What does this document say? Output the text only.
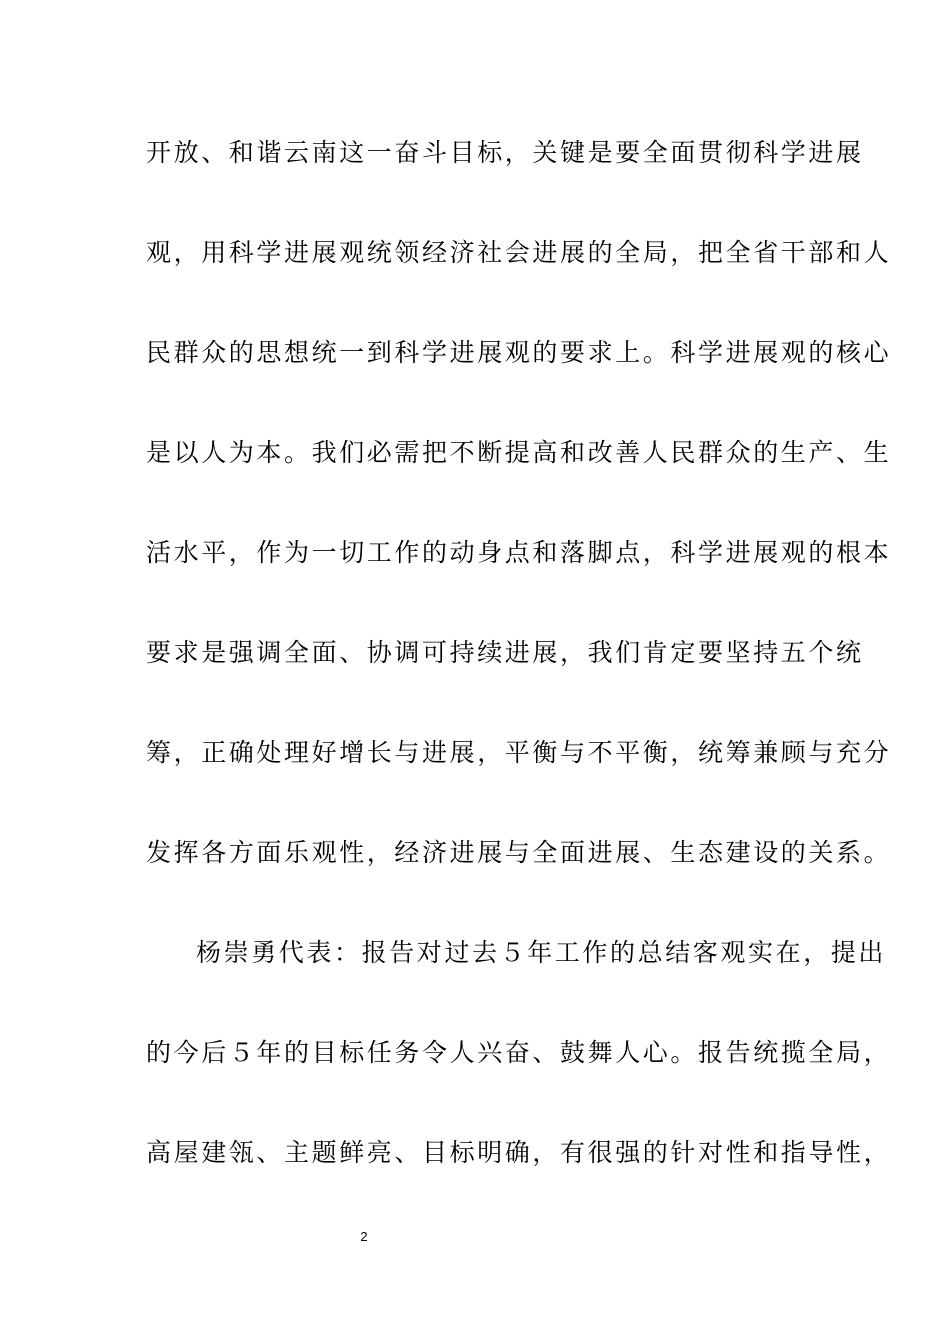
开放、和谐云南这一奋斗目标，关键是要全面贯彻科学进展
观，用科学进展观统领经济社会进展的全局，把全省干部和人
民群众的思想统一到科学进展观的要求上。科学进展观的核心
是以人为本。我们必需把不断提高和改善人民群众的生产、生
活水平，作为一切工作的动身点和落脚点，科学进展观的根本
要求是强调全面、协调可持续进展，我们肯定要坚持五个统
筹，正确处理好增长与进展，平衡与不平衡，统筹兼顾与充分
发挥各方面乐观性，经济进展与全面进展、生态建设的关系。
杨崇勇代表：报告对过去５年工作的总结客观实在，提出
的今后５年的目标任务令人兴奋、鼓舞人心。报告统揽全局，
高屋建瓴、主题鲜亮、目标明确，有很强的针对性和指导性，
2
